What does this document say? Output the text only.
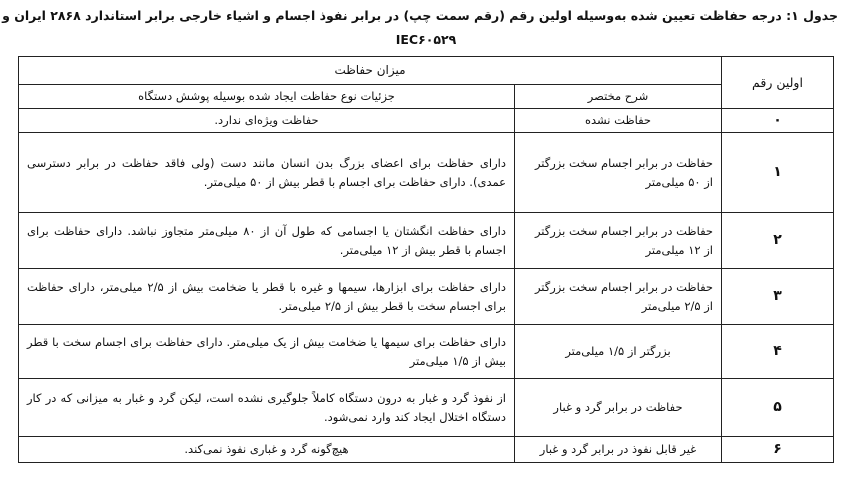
جدول ۱: درجه حفاظت تعیین شده به‌وسیله اولین رقم (رقم سمت چپ) در برابر نفوذ اجسام و اشیاء خارجی برابر استاندارد ۲۸۶۸ ایران و
IEC۶۰۵۲۹
اولین رقم	میزان حفاظت	
	شرح مختصر	جزئیات نوع حفاظت ایجاد شده بوسیله پوشش دستگاه
۰	حفاظت نشده	حفاظت ویژه‌ای ندارد.
۱	حفاظت در برابر اجسام سخت بزرگتر از ۵۰ میلی‌متر	دارای حفاظت برای اعضای بزرگ بدن انسان مانند دست (ولی فاقد حفاظت در برابر دسترسی عمدی). دارای حفاظت برای اجسام با قطر بیش از ۵۰ میلی‌متر.
۲	حفاظت در برابر اجسام سخت بزرگتر از ۱۲ میلی‌متر	دارای حفاظت انگشتان یا اجسامی که طول آن از ۸۰ میلی‌متر متجاوز نباشد. دارای حفاظت برای اجسام با قطر بیش از ۱۲ میلی‌متر.
۳	حفاظت در برابر اجسام سخت بزرگتر از ۲/۵ میلی‌متر	دارای حفاظت برای ابزارها، سیمها و غیره با قطر یا ضخامت بیش از ۲/۵ میلی‌متر، دارای حفاظت برای اجسام سخت با قطر بیش از ۲/۵ میلی‌متر.
۴	بزرگتر از ۱/۵ میلی‌متر	دارای حفاظت برای سیمها یا ضخامت بیش از یک میلی‌متر. دارای حفاظت برای اجسام سخت با قطر بیش از ۱/۵ میلی‌متر
۵	حفاظت در برابر گرد و غبار	از نفوذ گرد و غبار به درون دستگاه کاملاً جلوگیری نشده است، لیکن گرد و غبار به میزانی که در کار دستگاه اختلال ایجاد کند وارد نمی‌شود.
۶	غیر قابل نفوذ در برابر گرد و غبار	هیچ‌گونه گرد و غباری نفوذ نمی‌کند.
